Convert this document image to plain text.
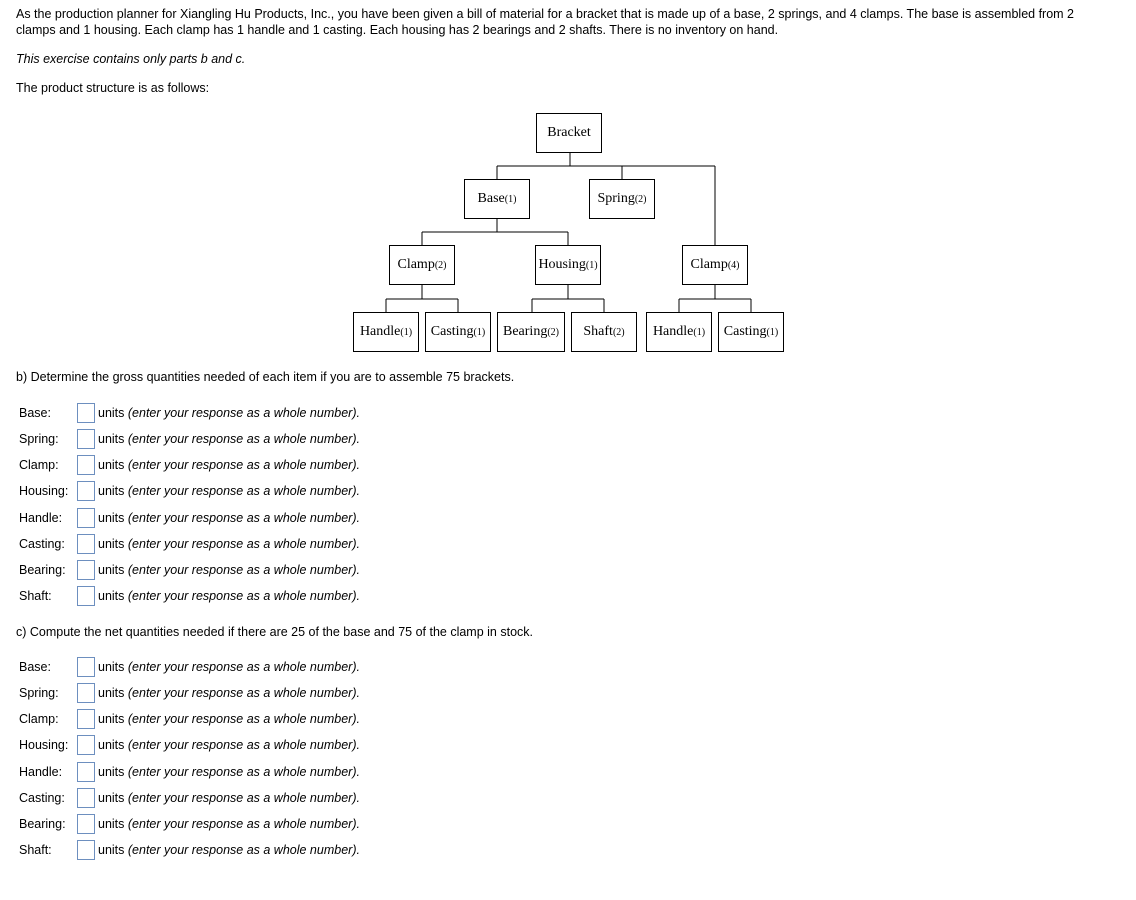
As the production planner for Xiangling Hu Products, Inc., you have been given a bill of material for a bracket that is made up of a base, 2 springs, and 4 clamps. The base is assembled from 2 clamps and 1 housing. Each clamp has 1 handle and 1 casting. Each housing has 2 bearings and 2 shafts. There is no inventory on hand.
This exercise contains only parts b and c.
The product structure is as follows:
Bracket
Base (1)	Spring (2)
Clamp (2)	Housing (1)	Clamp (4)
Handle (1) Casting (1) Bearing (2) Shaft (2) Handle (1) Casting (1)
b) Determine the gross quantities needed of each item if you are to assemble 75 brackets.
Base:	units
(enter your response as a whole number).
Spring:	units
(enter your response as a whole number).
Clamp:	units
(enter your response as a whole number).
Housing:	units
(enter your response as a whole number).
Handle:	units
(enter your response as a whole number).
Casting:	units
(enter your response as a whole number).
Bearing:	units
(enter your response as a whole number).
Shaft:	units
(enter your response as a whole number).
c) Compute the net quantities needed if there are 25 of the base and 75 of the clamp in stock.
Base:	units
(enter your response as a whole number).
Spring:	units
(enter your response as a whole number).
Clamp:	units
(enter your response as a whole number).
Housing:	units
(enter your response as a whole number).
Handle:	units
(enter your response as a whole number).
Casting:	units
(enter your response as a whole number).
Bearing:	units
(enter your response as a whole number).
Shaft:	units
(enter your response as a whole number).
